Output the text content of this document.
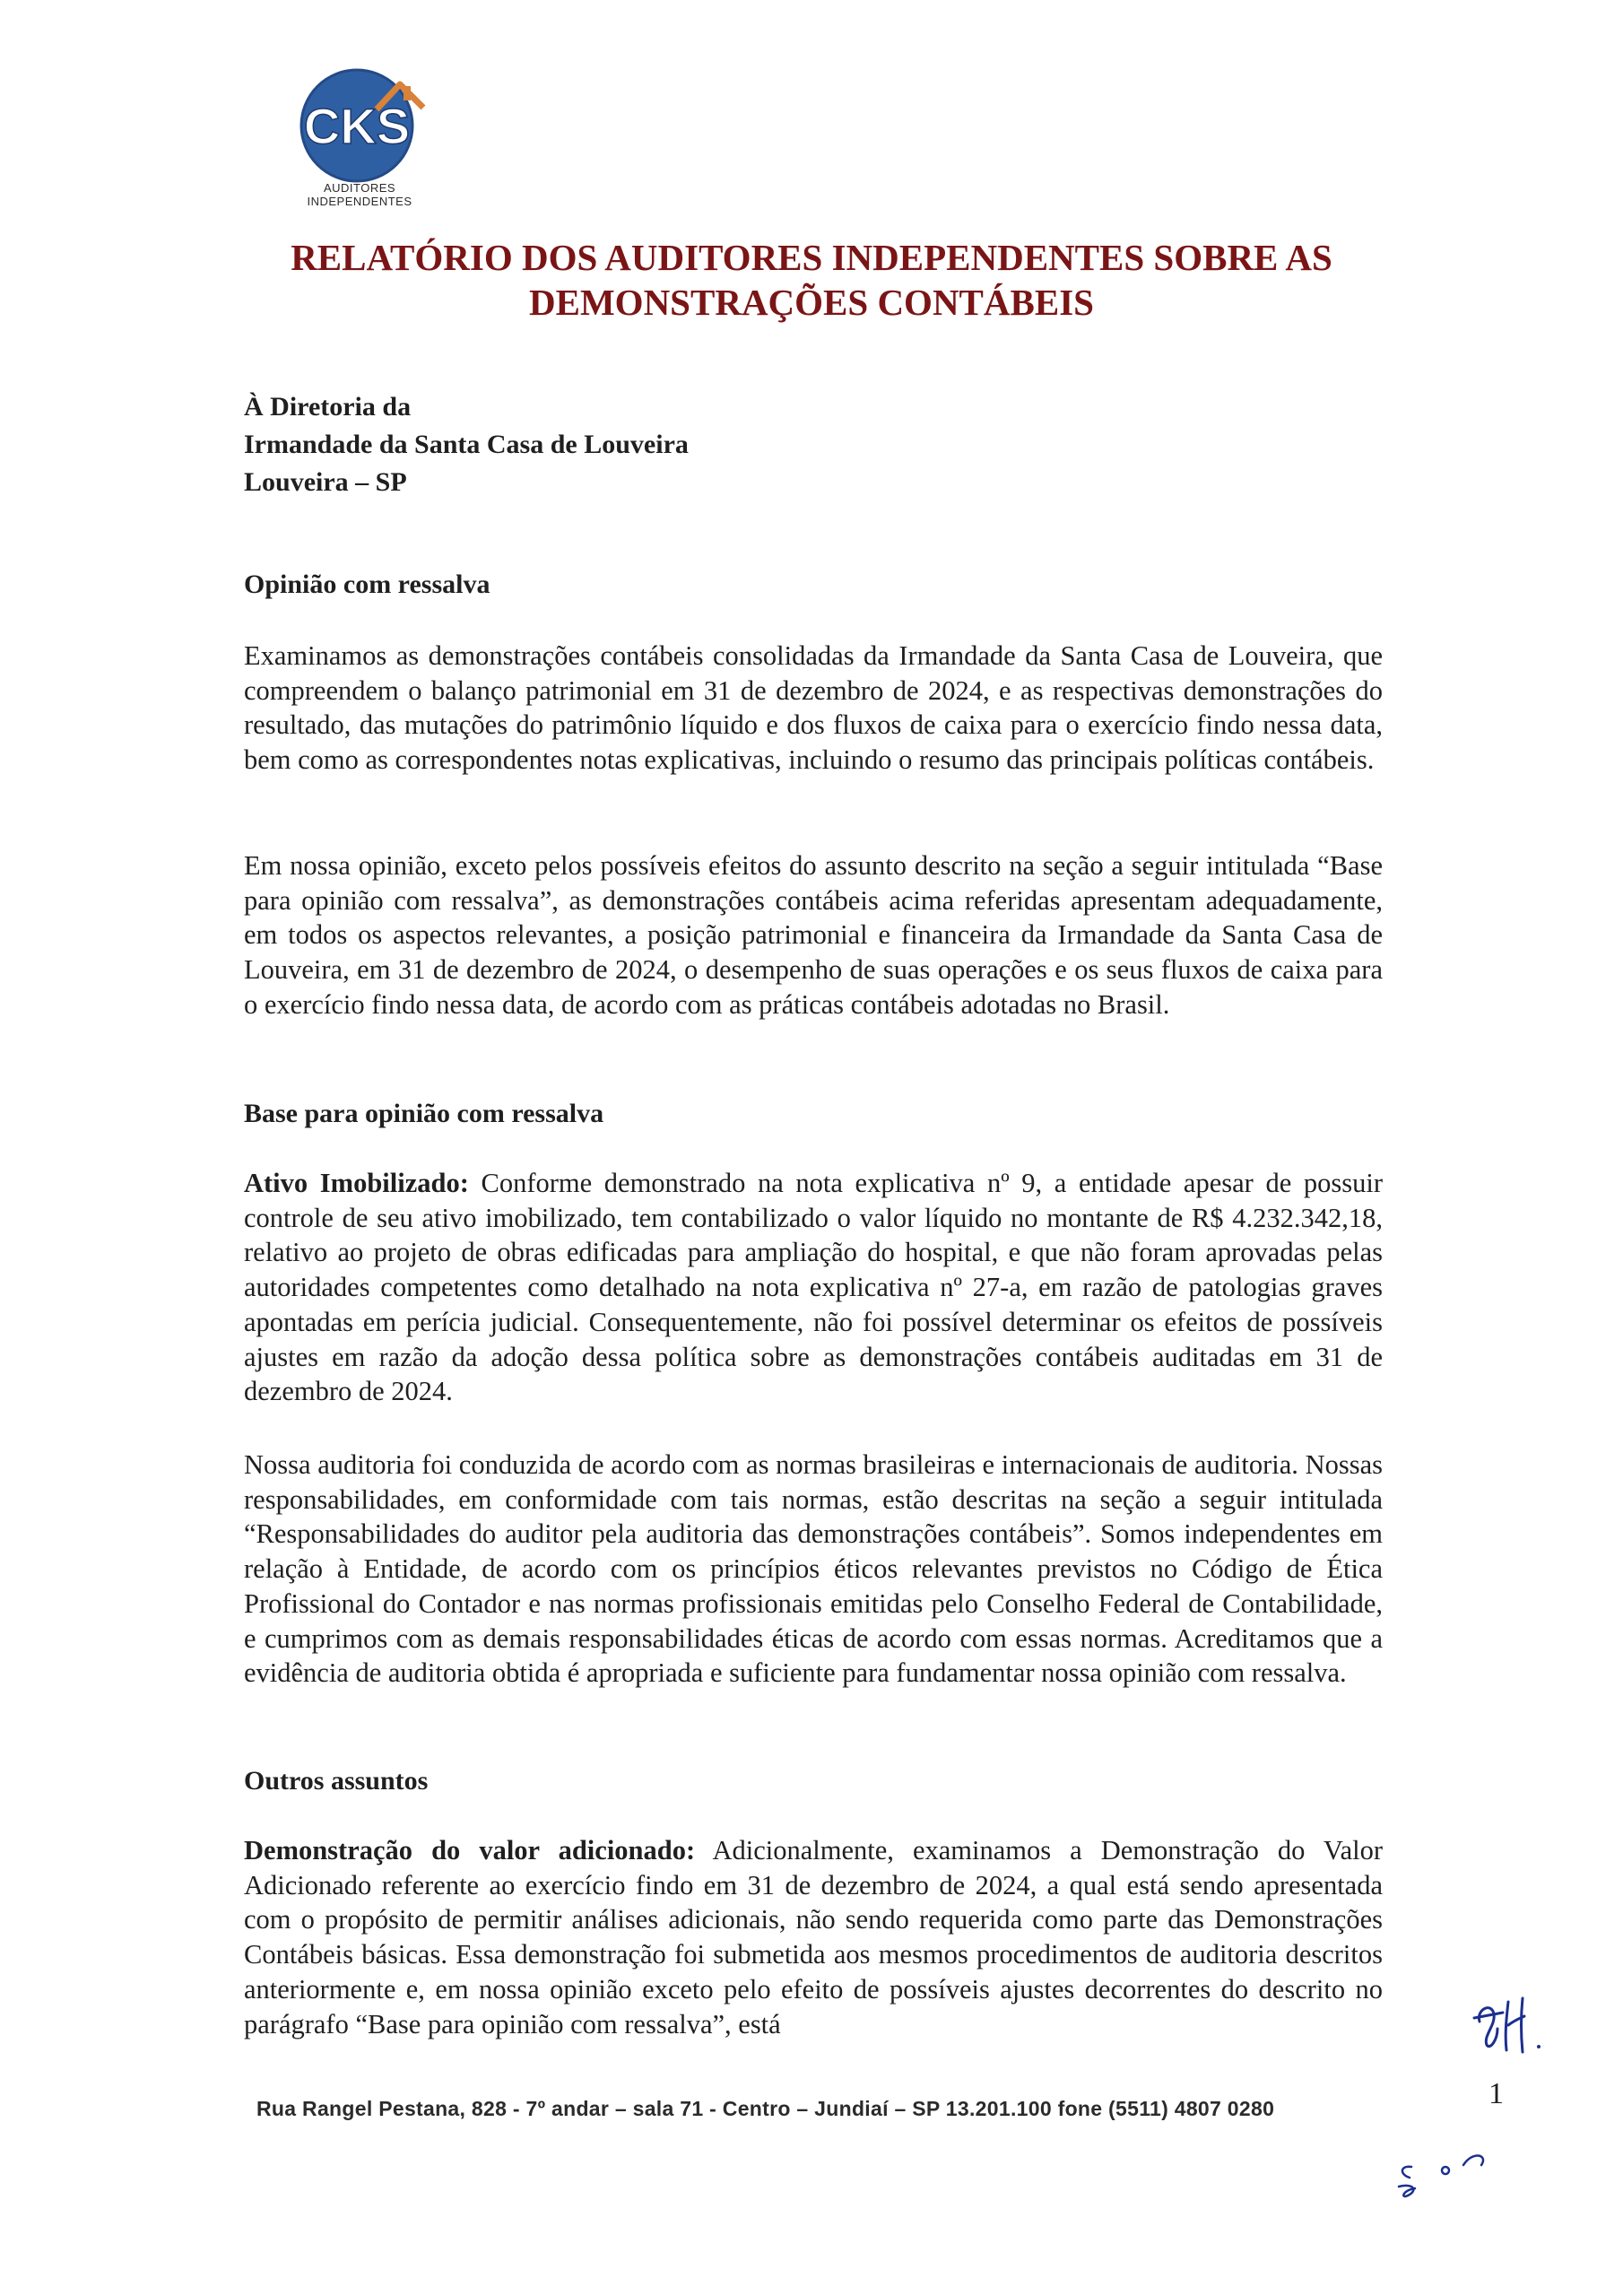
CKS
AUDITORES INDEPENDENTES
RELATÓRIO DOS AUDITORES INDEPENDENTES SOBRE AS
DEMONSTRAÇÕES CONTÁBEIS
À Diretoria da
Irmandade da Santa Casa de Louveira
Louveira – SP
Opinião com ressalva
Examinamos as demonstrações contábeis consolidadas da Irmandade da Santa Casa de Louveira, que compreendem o balanço patrimonial em 31 de dezembro de 2024, e as respectivas demonstrações do resultado, das mutações do patrimônio líquido e dos fluxos de caixa para o exercício findo nessa data, bem como as correspondentes notas explicativas, incluindo o resumo das principais políticas contábeis.
Em nossa opinião, exceto pelos possíveis efeitos do assunto descrito na seção a seguir intitulada “Base para opinião com ressalva”, as demonstrações contábeis acima referidas apresentam adequadamente, em todos os aspectos relevantes, a posição patrimonial e financeira da Irmandade da Santa Casa de Louveira, em 31 de dezembro de 2024, o desempenho de suas operações e os seus fluxos de caixa para o exercício findo nessa data, de acordo com as práticas contábeis adotadas no Brasil.
Base para opinião com ressalva
Ativo Imobilizado: Conforme demonstrado na nota explicativa nº 9, a entidade apesar de possuir controle de seu ativo imobilizado, tem contabilizado o valor líquido no montante de R$ 4.232.342,18, relativo ao projeto de obras edificadas para ampliação do hospital, e que não foram aprovadas pelas autoridades competentes como detalhado na nota explicativa nº 27-a, em razão de patologias graves apontadas em perícia judicial. Consequentemente, não foi possível determinar os efeitos de possíveis ajustes em razão da adoção dessa política sobre as demonstrações contábeis auditadas em 31 de dezembro de 2024.
Nossa auditoria foi conduzida de acordo com as normas brasileiras e internacionais de auditoria. Nossas responsabilidades, em conformidade com tais normas, estão descritas na seção a seguir intitulada “Responsabilidades do auditor pela auditoria das demonstrações contábeis”. Somos independentes em relação à Entidade, de acordo com os princípios éticos relevantes previstos no Código de Ética Profissional do Contador e nas normas profissionais emitidas pelo Conselho Federal de Contabilidade, e cumprimos com as demais responsabilidades éticas de acordo com essas normas. Acreditamos que a evidência de auditoria obtida é apropriada e suficiente para fundamentar nossa opinião com ressalva.
Outros assuntos
Demonstração do valor adicionado: Adicionalmente, examinamos a Demonstração do Valor Adicionado referente ao exercício findo em 31 de dezembro de 2024, a qual está sendo apresentada com o propósito de permitir análises adicionais, não sendo requerida como parte das Demonstrações Contábeis básicas. Essa demonstração foi submetida aos mesmos procedimentos de auditoria descritos anteriormente e, em nossa opinião exceto pelo efeito de possíveis ajustes decorrentes do descrito no parágrafo “Base para opinião com ressalva”, está
1
Rua Rangel Pestana, 828 - 7º andar – sala 71 - Centro – Jundiaí – SP 13.201.100 fone (5511) 4807 0280
